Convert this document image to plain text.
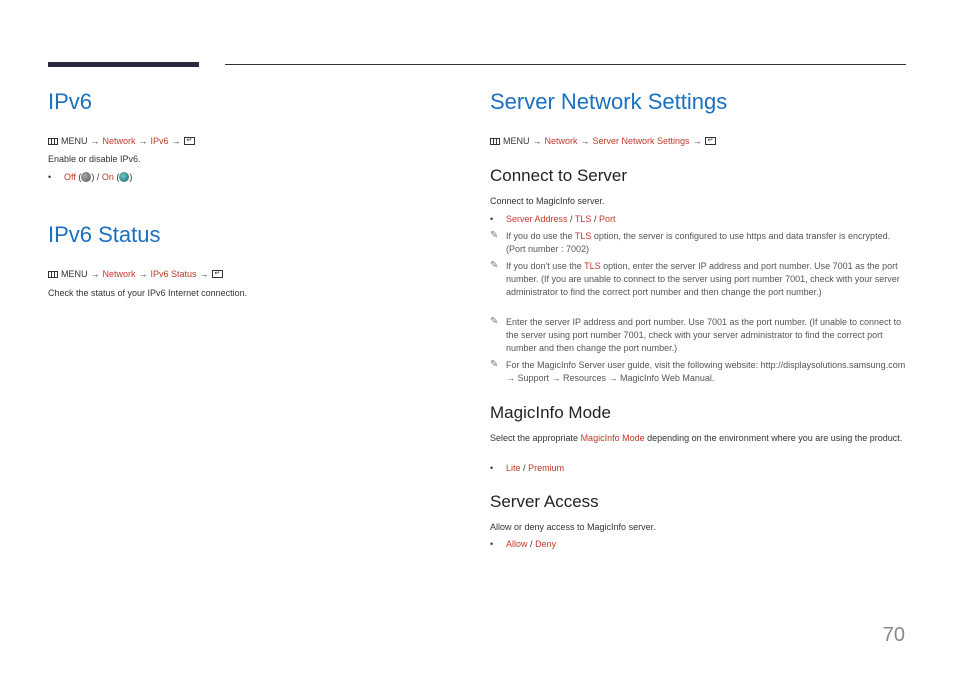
IPv6
MENU → Network → IPv6 →
↵
Enable or disable IPv6.
• Off ( ) / On ( )
IPv6 Status
MENU → Network → IPv6 Status →
↵
Check the status of your IPv6 Internet connection.
Server Network Settings
MENU → Network → Server Network Settings →
↵
Connect to Server
Connect to MagicInfo server.
• Server Address / TLS / Port
✎ If you do use the TLS option, the server is configured to use https and data transfer is encrypted. (Port number : 7002)
✎ If you don't use the TLS option, enter the server IP address and port number. Use 7001 as the port number. (If you are unable to connect to the server using port number 7001, check with your server administrator to find the correct port number and then change the port number.)
✎ Enter the server IP address and port number. Use 7001 as the port number. (If unable to connect to the server using port number 7001, check with your server administrator to find the correct port number and then change the port number.)
✎ For the MagicInfo Server user guide, visit the following website: http://displaysolutions.samsung.com → Support → Resources → MagicInfo Web Manual.
MagicInfo Mode
Select the appropriate MagicInfo Mode depending on the environment where you are using the product.
• Lite / Premium
Server Access
Allow or deny access to MagicInfo server.
• Allow / Deny
70
